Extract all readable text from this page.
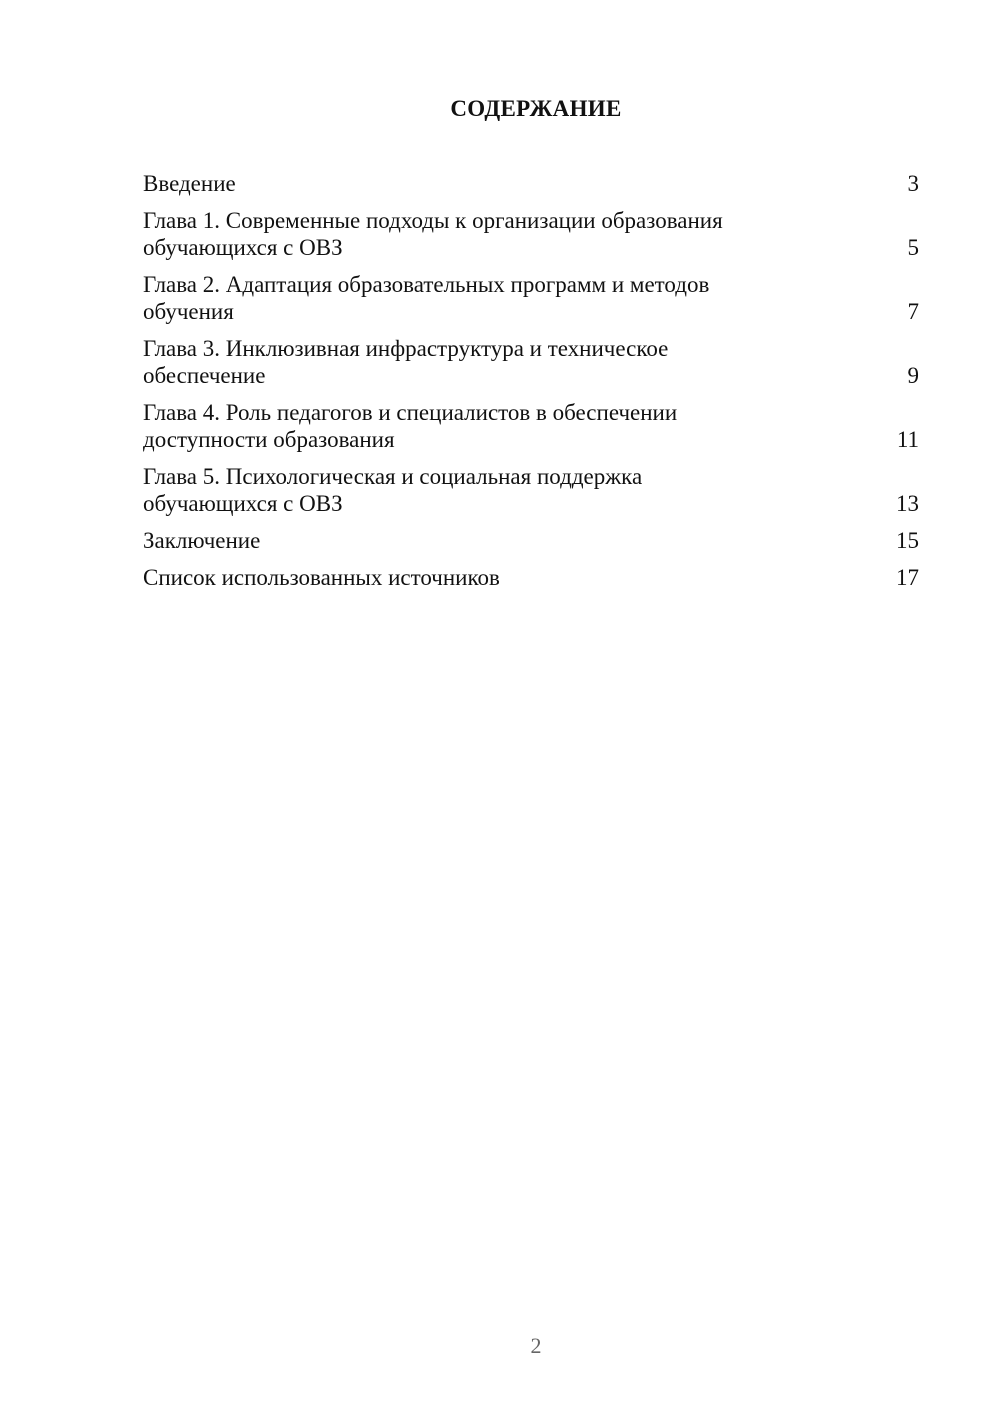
СОДЕРЖАНИЕ
Введение	3
Глава 1. Современные подходы к организации образования
обучающихся с ОВЗ	5
Глава 2. Адаптация образовательных программ и методов
обучения	7
Глава 3. Инклюзивная инфраструктура и техническое
обеспечение	9
Глава 4. Роль педагогов и специалистов в обеспечении
доступности образования	11
Глава 5. Психологическая и социальная поддержка
обучающихся с ОВЗ	13
Заключение	15
Список использованных источников	17
2
